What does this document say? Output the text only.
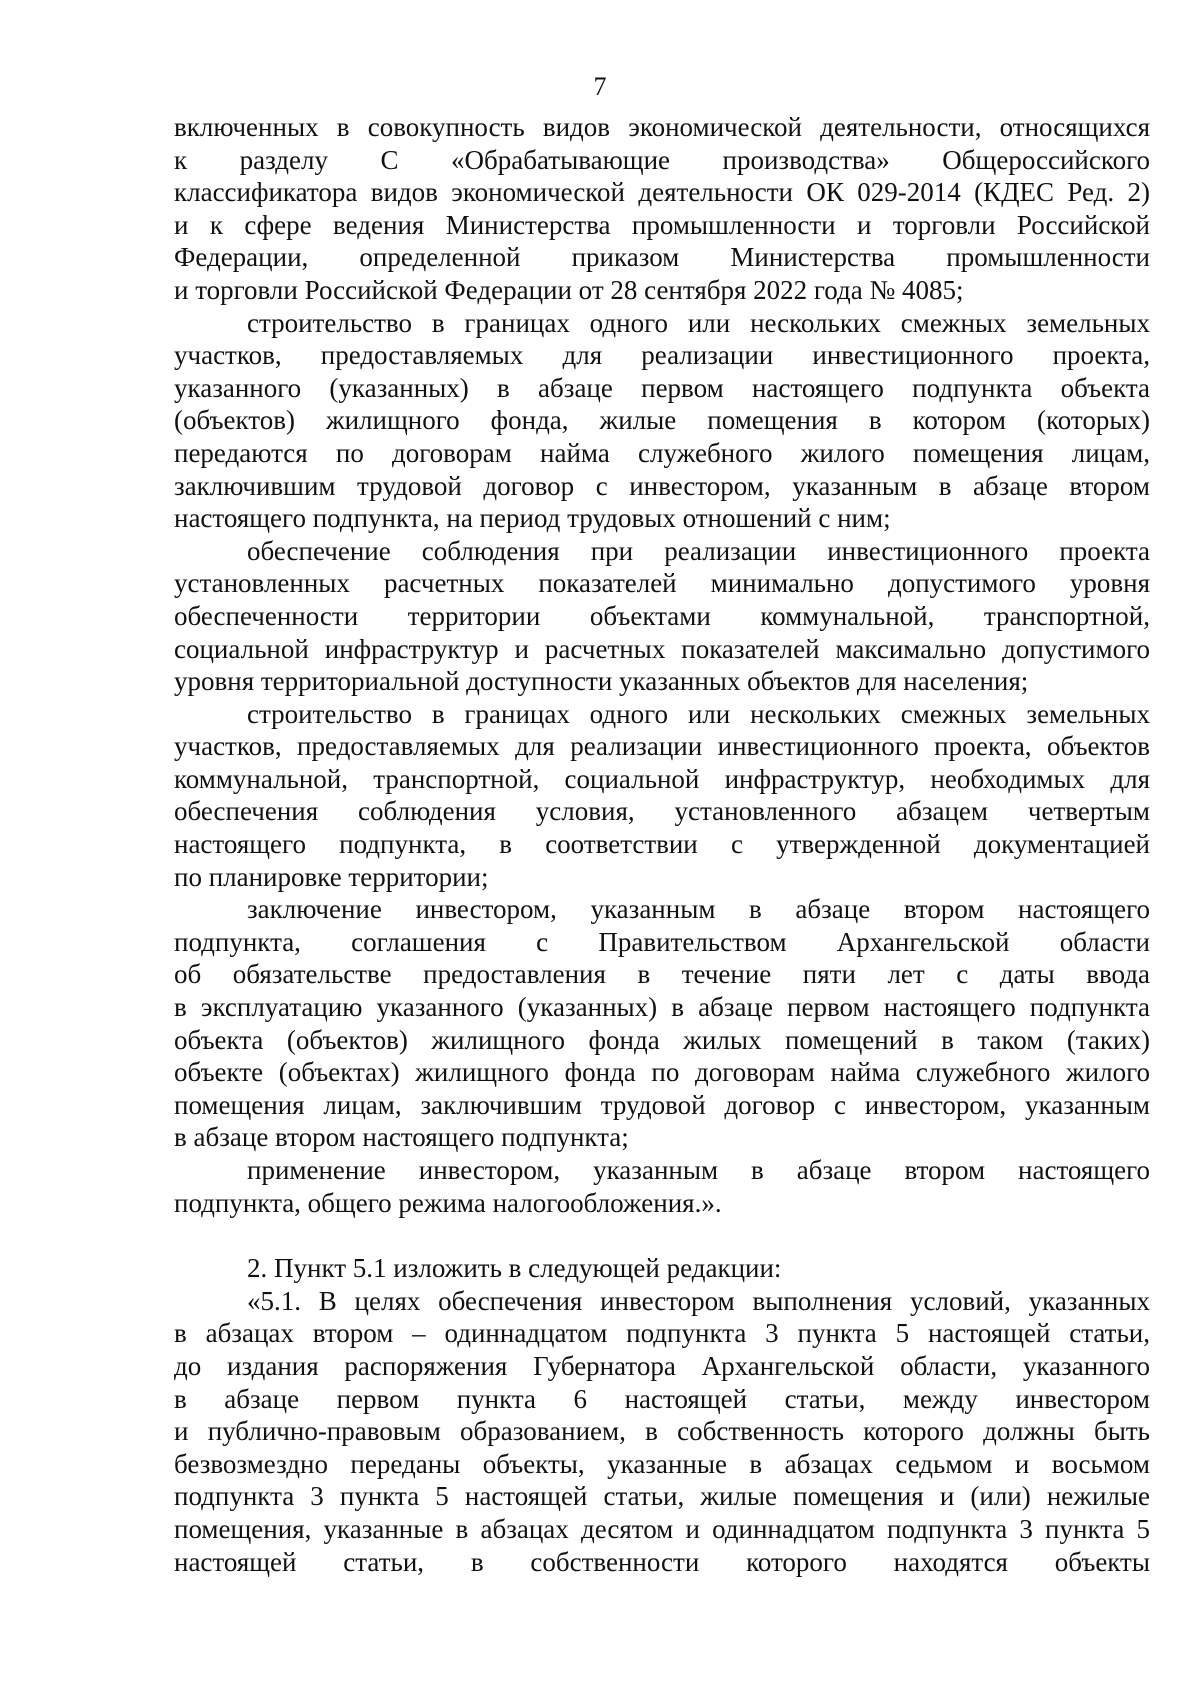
7
включенных в совокупность видов экономической деятельности, относящихся
к разделу C «Обрабатывающие производства» Общероссийского
классификатора видов экономической деятельности ОК 029-2014 (КДЕС Ред. 2)
и к сфере ведения Министерства промышленности и торговли Российской
Федерации, определенной приказом Министерства промышленности
и торговли Российской Федерации от 28 сентября 2022 года № 4085;
строительство в границах одного или нескольких смежных земельных
участков, предоставляемых для реализации инвестиционного проекта,
указанного (указанных) в абзаце первом настоящего подпункта объекта
(объектов) жилищного фонда, жилые помещения в котором (которых)
передаются по договорам найма служебного жилого помещения лицам,
заключившим трудовой договор с инвестором, указанным в абзаце втором
настоящего подпункта, на период трудовых отношений с ним;
обеспечение соблюдения при реализации инвестиционного проекта
установленных расчетных показателей минимально допустимого уровня
обеспеченности территории объектами коммунальной, транспортной,
социальной инфраструктур и расчетных показателей максимально допустимого
уровня территориальной доступности указанных объектов для населения;
строительство в границах одного или нескольких смежных земельных
участков, предоставляемых для реализации инвестиционного проекта, объектов
коммунальной, транспортной, социальной инфраструктур, необходимых для
обеспечения соблюдения условия, установленного абзацем четвертым
настоящего подпункта, в соответствии с утвержденной документацией
по планировке территории;
заключение инвестором, указанным в абзаце втором настоящего
подпункта, соглашения с Правительством Архангельской области
об обязательстве предоставления в течение пяти лет с даты ввода
в эксплуатацию указанного (указанных) в абзаце первом настоящего подпункта
объекта (объектов) жилищного фонда жилых помещений в таком (таких)
объекте (объектах) жилищного фонда по договорам найма служебного жилого
помещения лицам, заключившим трудовой договор с инвестором, указанным
в абзаце втором настоящего подпункта;
применение инвестором, указанным в абзаце втором настоящего
подпункта, общего режима налогообложения.».
2. Пункт 5.1 изложить в следующей редакции:
«5.1. В целях обеспечения инвестором выполнения условий, указанных
в абзацах втором – одиннадцатом подпункта 3 пункта 5 настоящей статьи,
до издания распоряжения Губернатора Архангельской области, указанного
в абзаце первом пункта 6 настоящей статьи, между инвестором
и публично-правовым образованием, в собственность которого должны быть
безвозмездно переданы объекты, указанные в абзацах седьмом и восьмом
подпункта 3 пункта 5 настоящей статьи, жилые помещения и (или) нежилые
помещения, указанные в абзацах десятом и одиннадцатом подпункта 3 пункта 5
настоящей статьи, в собственности которого находятся объекты
